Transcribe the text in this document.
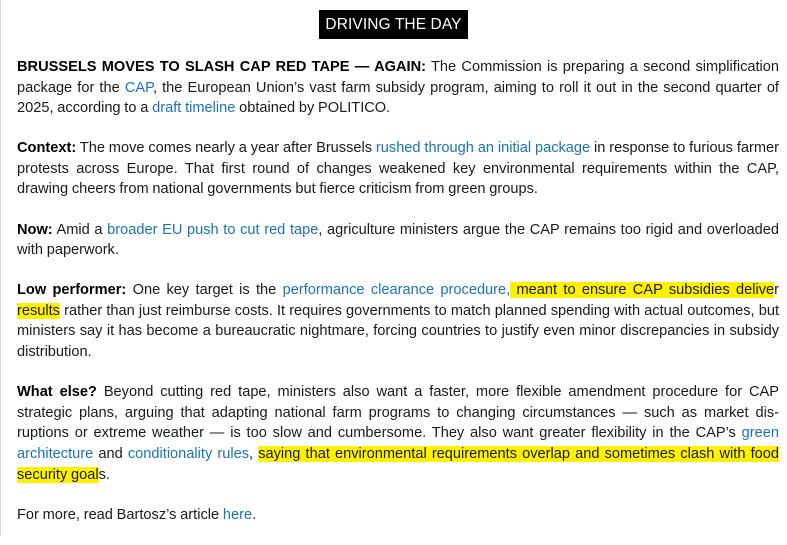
DRIVING THE DAY

BRUSSELS MOVES TO SLASH CAP RED TAPE — AGAIN: The Commission is preparing a second simplification package for the CAP, the European Union’s vast farm subsidy program, aiming to roll it out in the second quarter of 2025, according to a draft timeline obtained by POLITICO.

Context: The move comes nearly a year after Brussels rushed through an initial package in response to furious farmer protests across Europe. That first round of changes weakened key environmental requirements within the CAP, drawing cheers from national governments but fierce criticism from green groups.

Now: Amid a broader EU push to cut red tape, agriculture ministers argue the CAP remains too rigid and overloaded with paperwork.

Low performer: One key target is the performance clearance procedure, meant to ensure CAP subsidies deliver results rather than just reimburse costs. It requires governments to match planned spending with actual outcomes, but ministers say it has become a bureaucratic nightmare, forcing countries to justify even minor discrepancies in subsidy distribution.

What else? Beyond cutting red tape, ministers also want a faster, more flexible amendment procedure for CAP strategic plans, arguing that adapting national farm programs to changing circumstances — such as market dis-ruptions or extreme weather — is too slow and cumbersome. They also want greater flexibility in the CAP’s green architecture and conditionality rules, saying that environmental requirements overlap and sometimes clash with food security goals.

For more, read Bartosz’s article here.
